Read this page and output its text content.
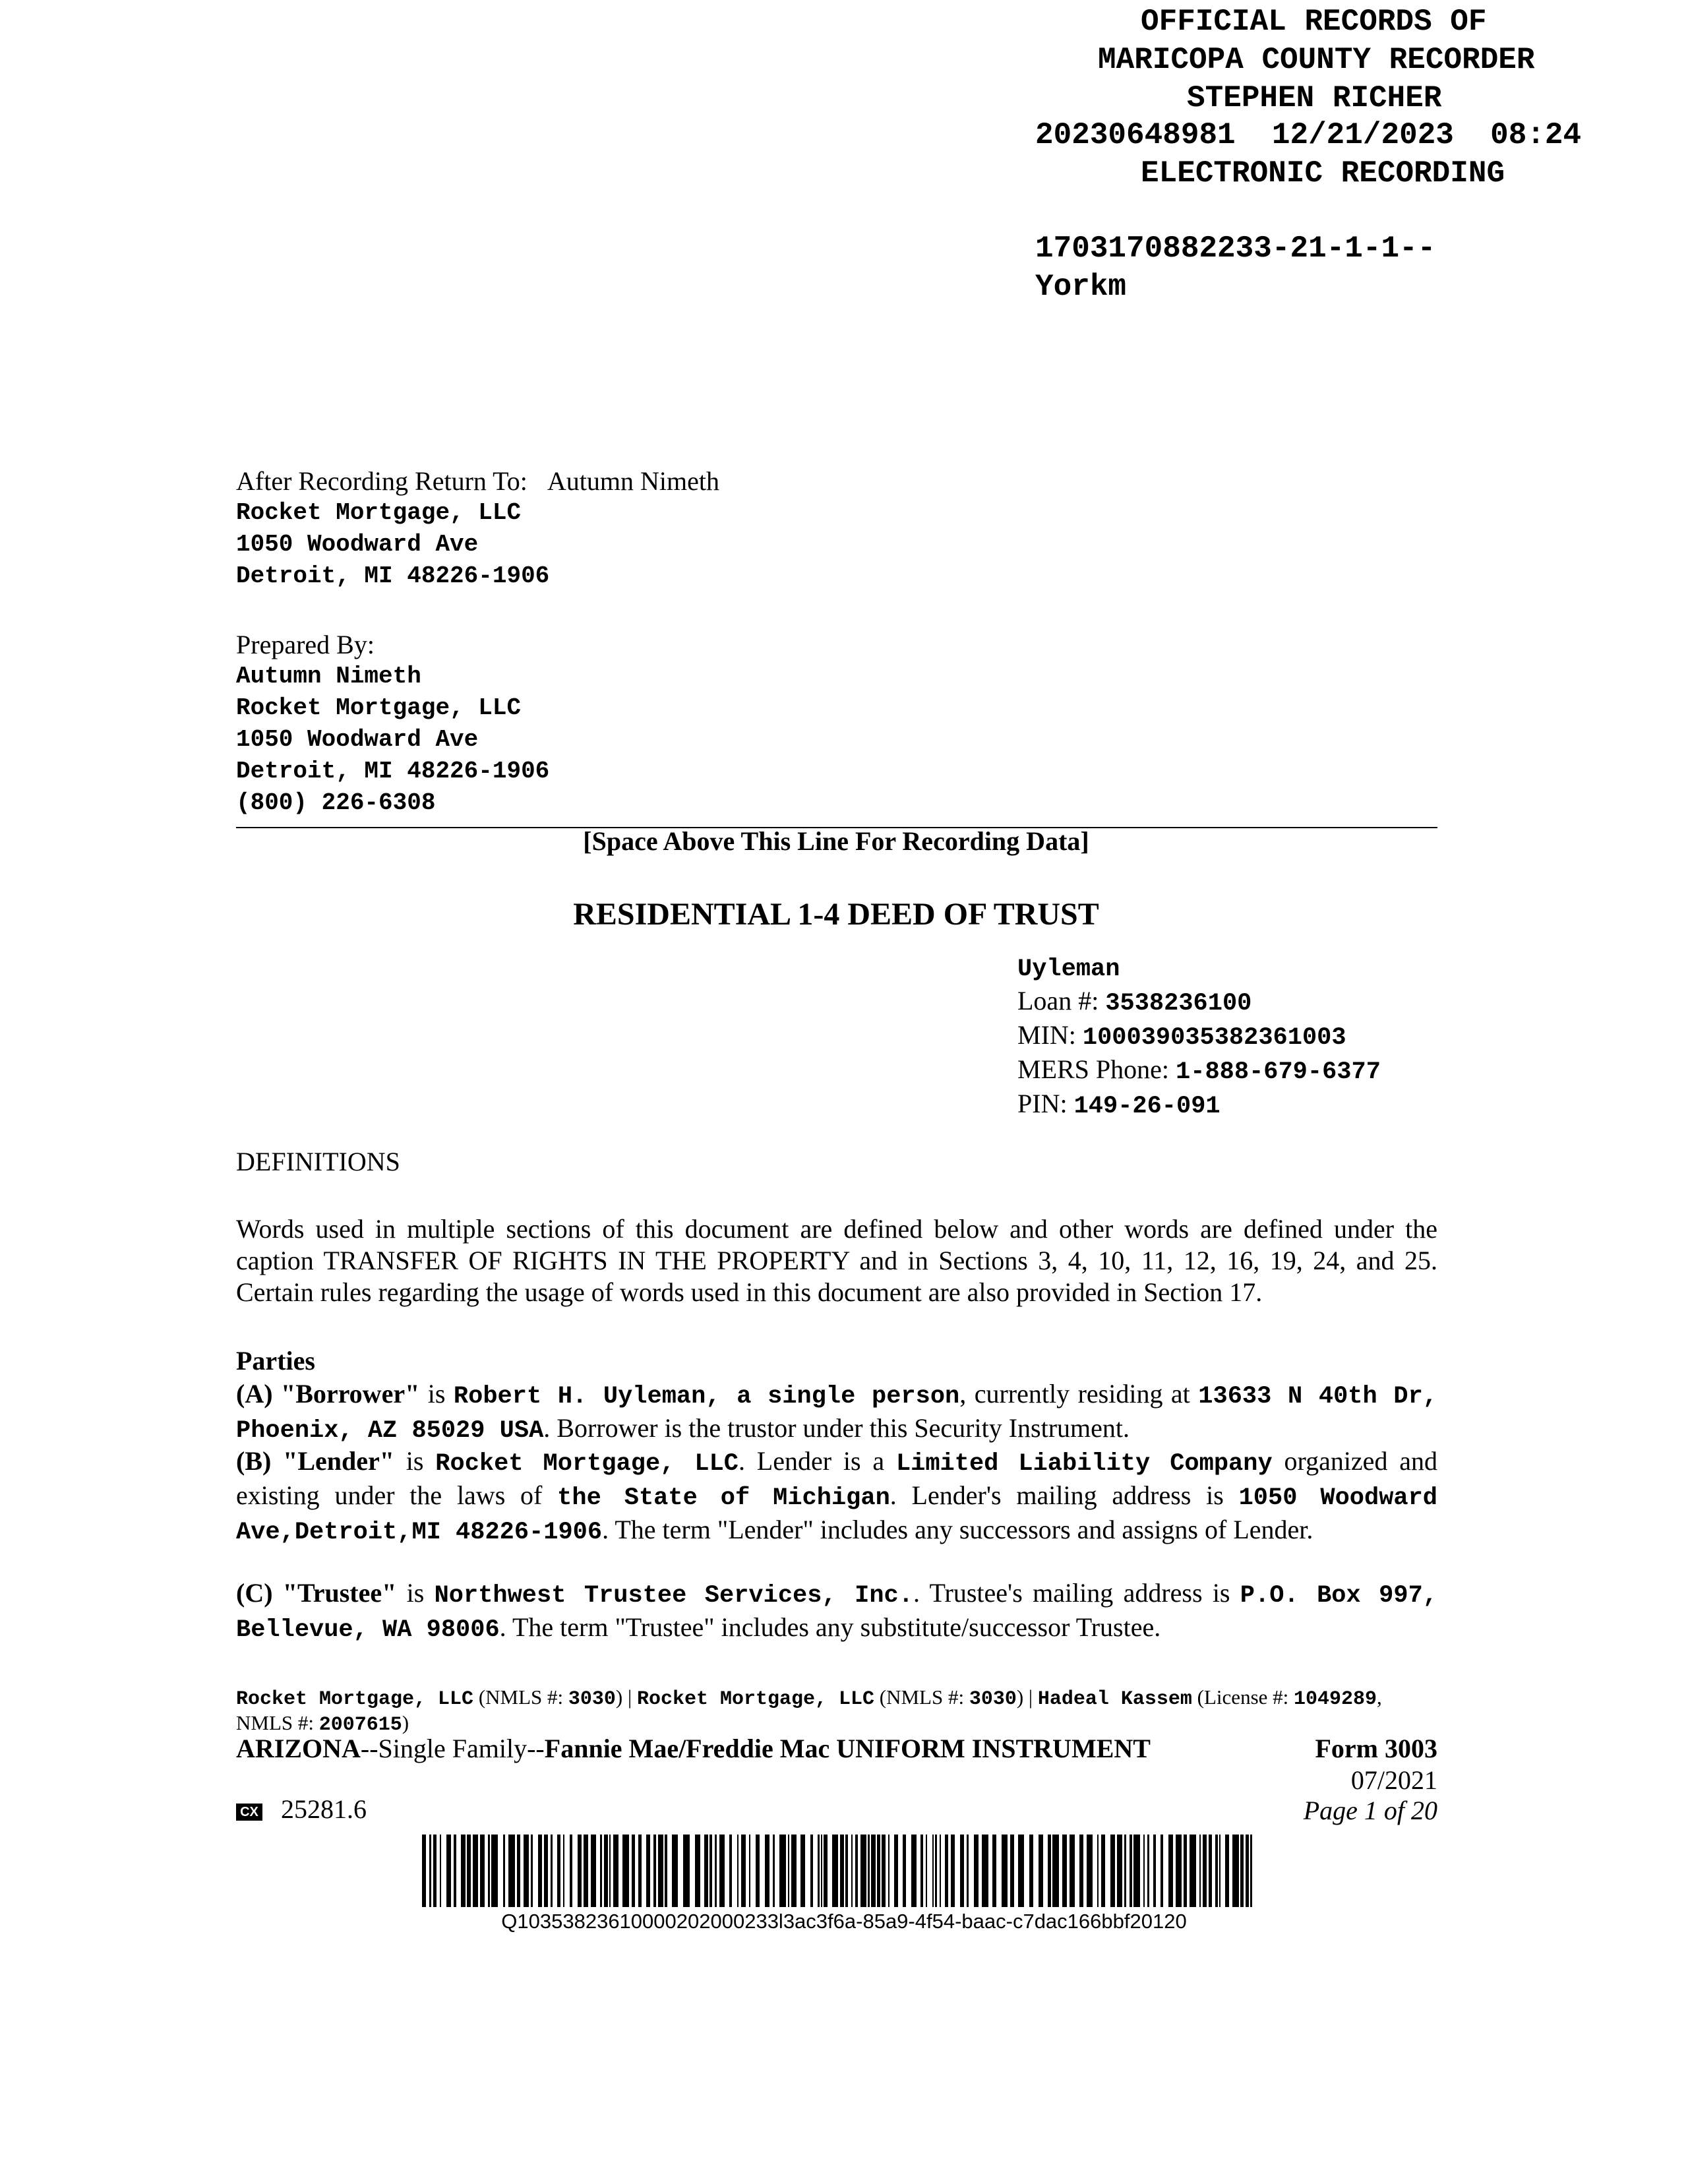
OFFICIAL RECORDS OF
MARICOPA COUNTY RECORDER
STEPHEN RICHER
20230648981  12/21/2023  08:24
ELECTRONIC RECORDING
1703170882233-21-1-1--
Yorkm
After Recording Return To: Autumn Nimeth
Rocket Mortgage, LLC
1050 Woodward Ave
Detroit, MI 48226-1906
Prepared By:
Autumn Nimeth
Rocket Mortgage, LLC
1050 Woodward Ave
Detroit, MI 48226-1906
(800) 226-6308
[Space Above This Line For Recording Data]
RESIDENTIAL 1-4 DEED OF TRUST
Uyleman
Loan #: 3538236100
MIN: 100039035382361003
MERS Phone: 1-888-679-6377
PIN: 149-26-091
DEFINITIONS
Words used in multiple sections of this document are defined below and other words are defined under the caption TRANSFER OF RIGHTS IN THE PROPERTY and in Sections 3, 4, 10, 11, 12, 16, 19, 24, and 25. Certain rules regarding the usage of words used in this document are also provided in Section 17.
Parties
(A) "Borrower" is Robert H. Uyleman, a single person, currently residing at 13633 N 40th Dr, Phoenix, AZ 85029 USA. Borrower is the trustor under this Security Instrument.
(B) "Lender" is Rocket Mortgage, LLC. Lender is a Limited Liability Company organized and existing under the laws of the State of Michigan. Lender's mailing address is 1050 Woodward Ave,Detroit,MI 48226-1906. The term "Lender" includes any successors and assigns of Lender.
(C) "Trustee" is Northwest Trustee Services, Inc.. Trustee's mailing address is P.O. Box 997, Bellevue, WA 98006. The term "Trustee" includes any substitute/successor Trustee.
Rocket Mortgage, LLC (NMLS #: 3030) | Rocket Mortgage, LLC (NMLS #: 3030) | Hadeal Kassem (License #: 1049289, NMLS #: 2007615)
ARIZONA--Single Family--Fannie Mae/Freddie Mac UNIFORM INSTRUMENT	Form 3003
07/2021
CX 25281.6	Page 1 of 20
Q10353823610000202000233l3ac3f6a-85a9-4f54-baac-c7dac166bbf20120
